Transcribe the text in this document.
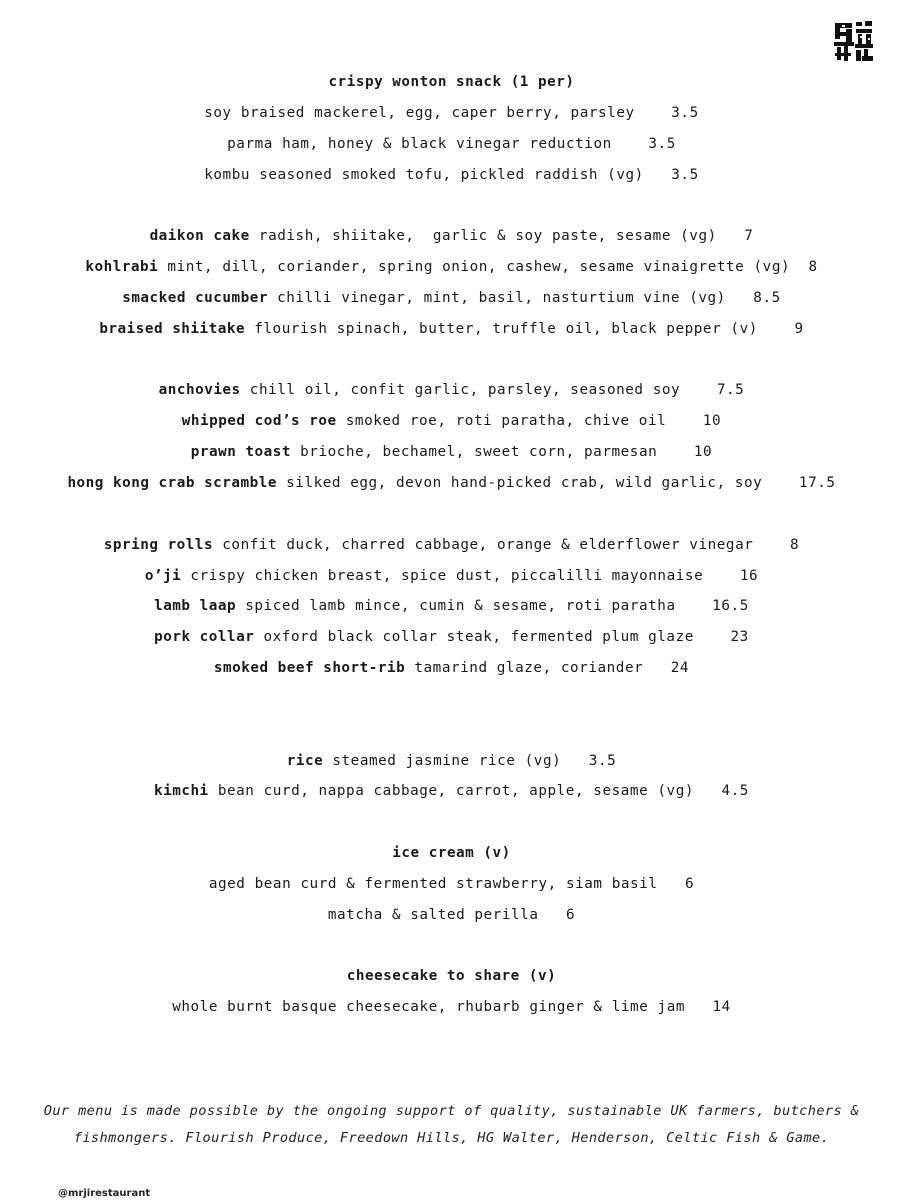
crispy wonton snack (1 per)
soy braised mackerel, egg, caper berry, parsley    3.5
parma ham, honey & black vinegar reduction    3.5
kombu seasoned smoked tofu, pickled raddish (vg)   3.5
daikon cake radish, shiitake,  garlic & soy paste, sesame (vg)   7
kohlrabi mint, dill, coriander, spring onion, cashew, sesame vinaigrette (vg)  8
smacked cucumber chilli vinegar, mint, basil, nasturtium vine (vg)   8.5
braised shiitake flourish spinach, butter, truffle oil, black pepper (v)    9
anchovies chill oil, confit garlic, parsley, seasoned soy    7.5
whipped cod’s roe smoked roe, roti paratha, chive oil    10
prawn toast brioche, bechamel, sweet corn, parmesan    10
hong kong crab scramble silked egg, devon hand-picked crab, wild garlic, soy    17.5
spring rolls confit duck, charred cabbage, orange & elderflower vinegar    8
o’ji crispy chicken breast, spice dust, piccalilli mayonnaise    16
lamb laap spiced lamb mince, cumin & sesame, roti paratha    16.5
pork collar oxford black collar steak, fermented plum glaze    23
smoked beef short-rib tamarind glaze, coriander   24
rice steamed jasmine rice (vg)   3.5
kimchi bean curd, nappa cabbage, carrot, apple, sesame (vg)   4.5
ice cream (v)
aged bean curd & fermented strawberry, siam basil   6
matcha & salted perilla   6
cheesecake to share (v)
whole burnt basque cheesecake, rhubarb ginger & lime jam   14
Our menu is made possible by the ongoing support of quality, sustainable UK farmers, butchers &
fishmongers. Flourish Produce, Freedown Hills, HG Walter, Henderson, Celtic Fish & Game.
@mrjirestaurant
